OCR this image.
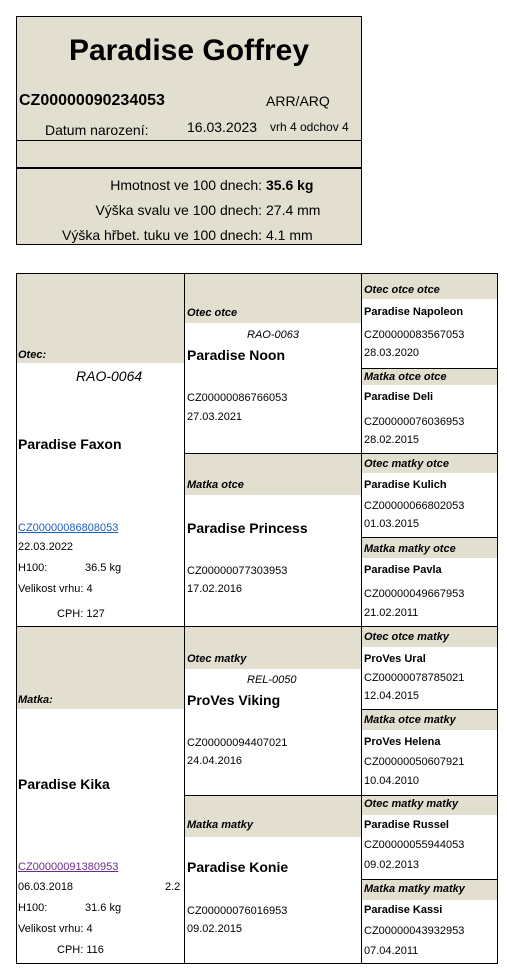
Paradise Goffrey
CZ00000090234053	ARR/ARQ
Datum narození:	16.03.2023 vrh 4 odchov 4
Hmotnost ve 100 dnech: 35.6 kg
Výška svalu ve 100 dnech: 27.4 mm
Výška hřbet. tuku ve 100 dnech: 4.1 mm
Otec:
RAO-0064
Paradise Faxon
CZ00000086808053
22.03.2022
H100:	36.5 kg
Velikost vrhu: 4
CPH: 127
Matka:
Paradise Kika
CZ00000091380953
06.03.2018	2.2
H100:	31.6 kg
Velikost vrhu: 4
CPH: 116
Otec otce
RAO-0063
Paradise Noon
CZ00000086766053
27.03.2021
Matka otce
Paradise Princess
CZ00000077303953
17.02.2016
Otec matky
REL-0050
ProVes Viking
CZ00000094407021
24.04.2016
Matka matky
Paradise Konie
CZ00000076016953
09.02.2015
Otec otce otce
Paradise Napoleon
CZ00000083567053
28.03.2020
Matka otce otce
Paradise Deli
CZ00000076036953
28.02.2015
Otec matky otce
Paradise Kulich
CZ00000066802053
01.03.2015
Matka matky otce
Paradise Pavla
CZ00000049667953
21.02.2011
Otec otce matky
ProVes Ural
CZ00000078785021
12.04.2015
Matka otce matky
ProVes Helena
CZ00000050607921
10.04.2010
Otec matky matky
Paradise Russel
CZ00000055944053
09.02.2013
Matka matky matky
Paradise Kassi
CZ00000043932953
07.04.2011
